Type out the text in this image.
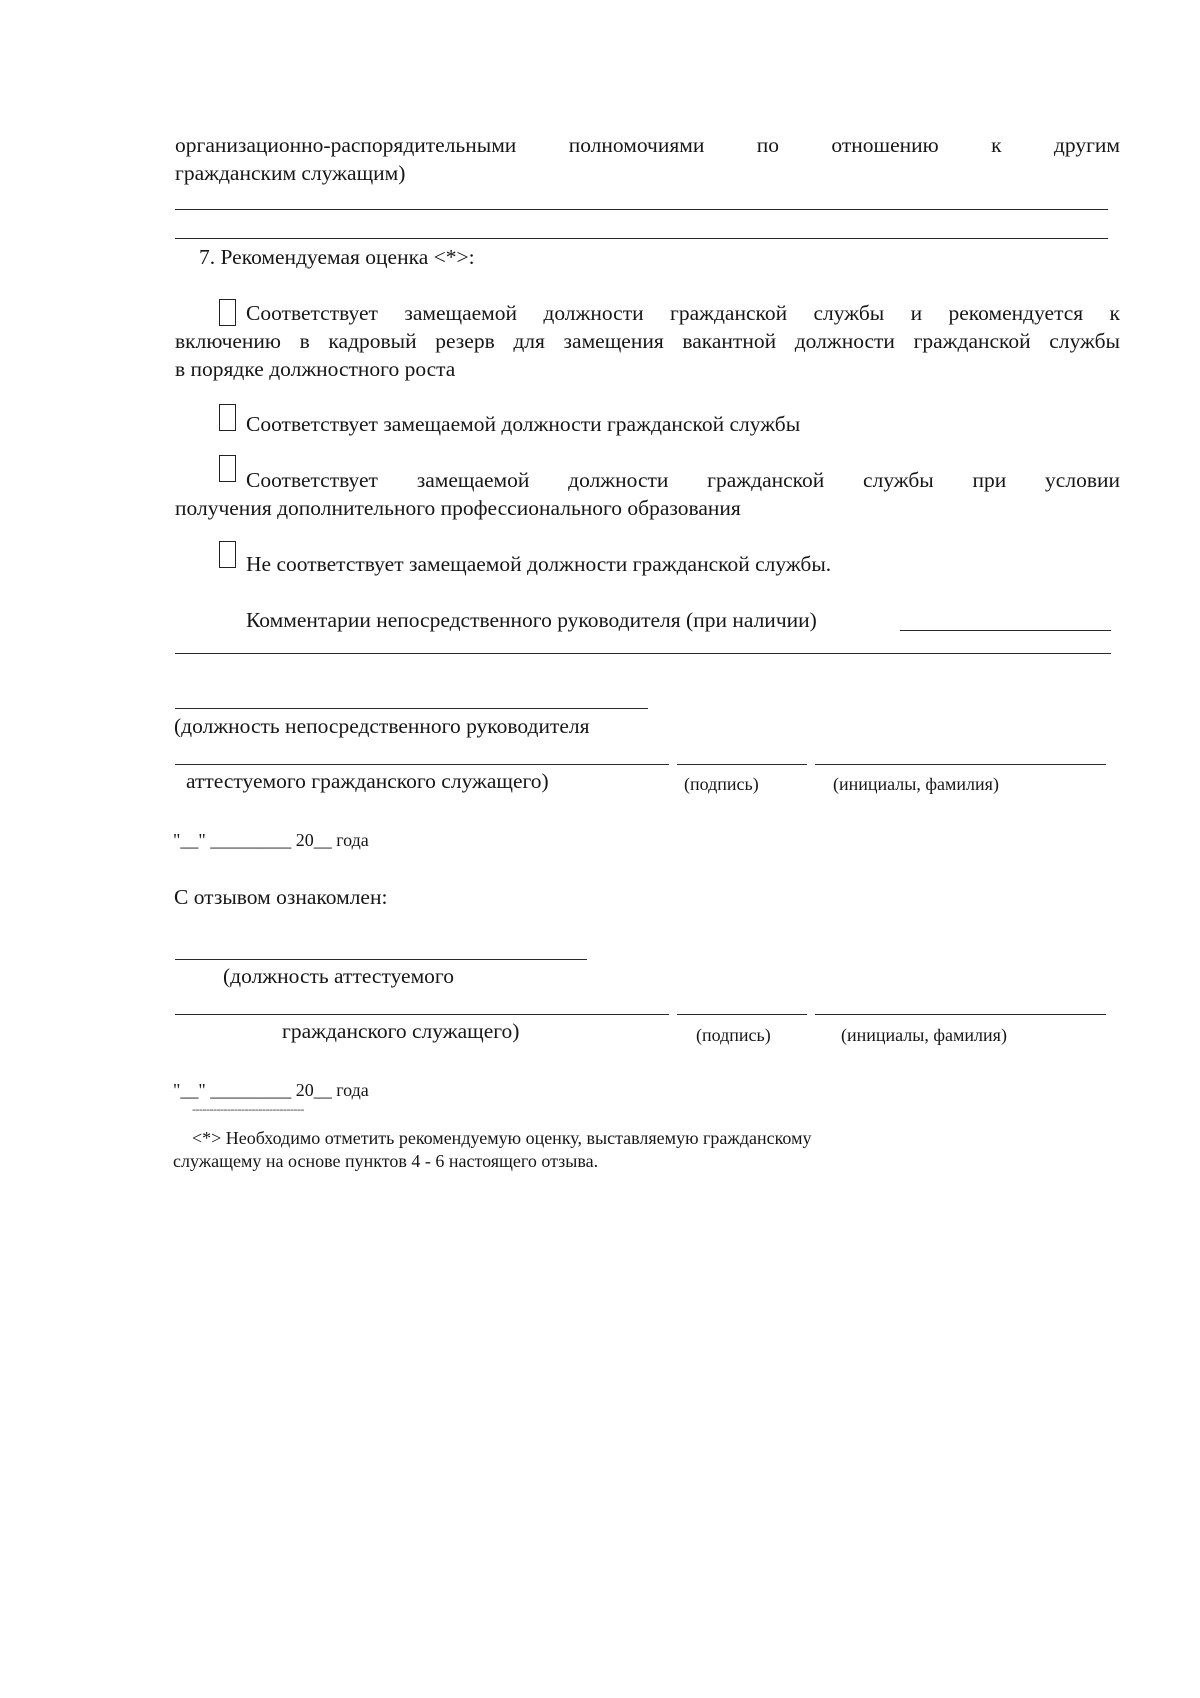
организационно-распорядительными полномочиями по отношению к другим
гражданским служащим)
7. Рекомендуемая оценка <*>:
Соответствует замещаемой должности гражданской службы и рекомендуется к
включению в кадровый резерв для замещения вакантной должности гражданской службы
в порядке должностного роста
Соответствует замещаемой должности гражданской службы
Соответствует замещаемой должности гражданской службы при условии
получения дополнительного профессионального образования
Не соответствует замещаемой должности гражданской службы.
Комментарии непосредственного руководителя (при наличии)
(должность непосредственного руководителя
аттестуемого гражданского служащего)	(подпись)	(инициалы, фамилия)
"__" _________ 20__ года
С отзывом ознакомлен:
(должность аттестуемого
гражданского служащего)	(подпись)	(инициалы, фамилия)
"__" _________ 20__ года
--------------------------------
<*> Необходимо отметить рекомендуемую оценку, выставляемую гражданскому
служащему на основе пунктов 4 - 6 настоящего отзыва.
